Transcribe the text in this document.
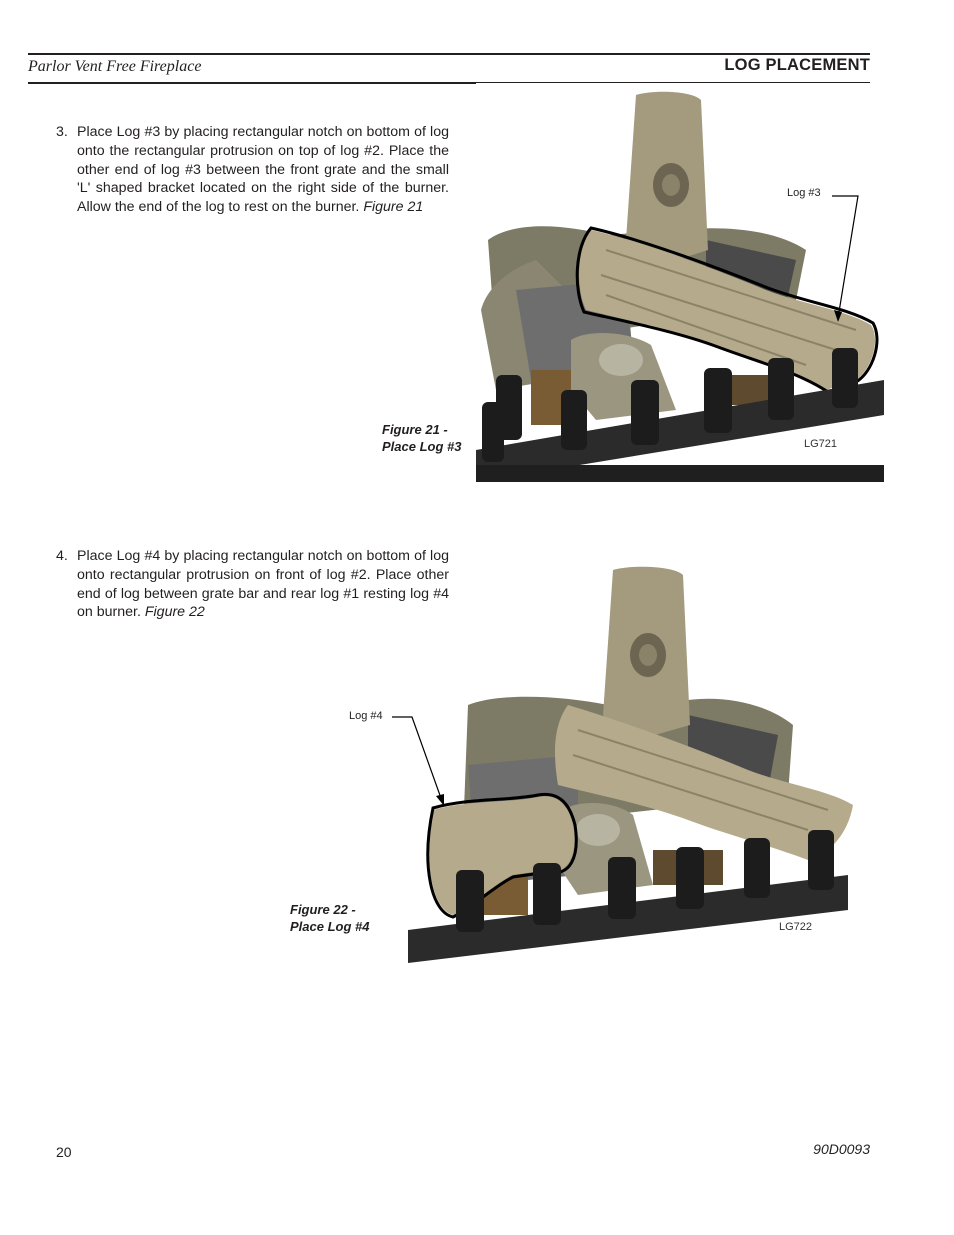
Parlor Vent Free Fireplace	LOG PLACEMENT
3. Place Log #3 by placing rectangular notch on bottom of log onto the rectangular protrusion on top of log #2. Place the other end of log #3 between the front grate and the small 'L' shaped bracket located on the right side of the burner. Allow the end of the log to rest on the burner. Figure 21
Log #3
Figure 21 -
Place Log #3	LG721
4. Place Log #4 by placing rectangular notch on bottom of log onto rectangular protrusion on front of log #2. Place other end of log between grate bar and rear log #1 resting log #4 on burner. Figure 22
Log #4
Figure 22 -
Place Log #4	LG722
20	90D0093
